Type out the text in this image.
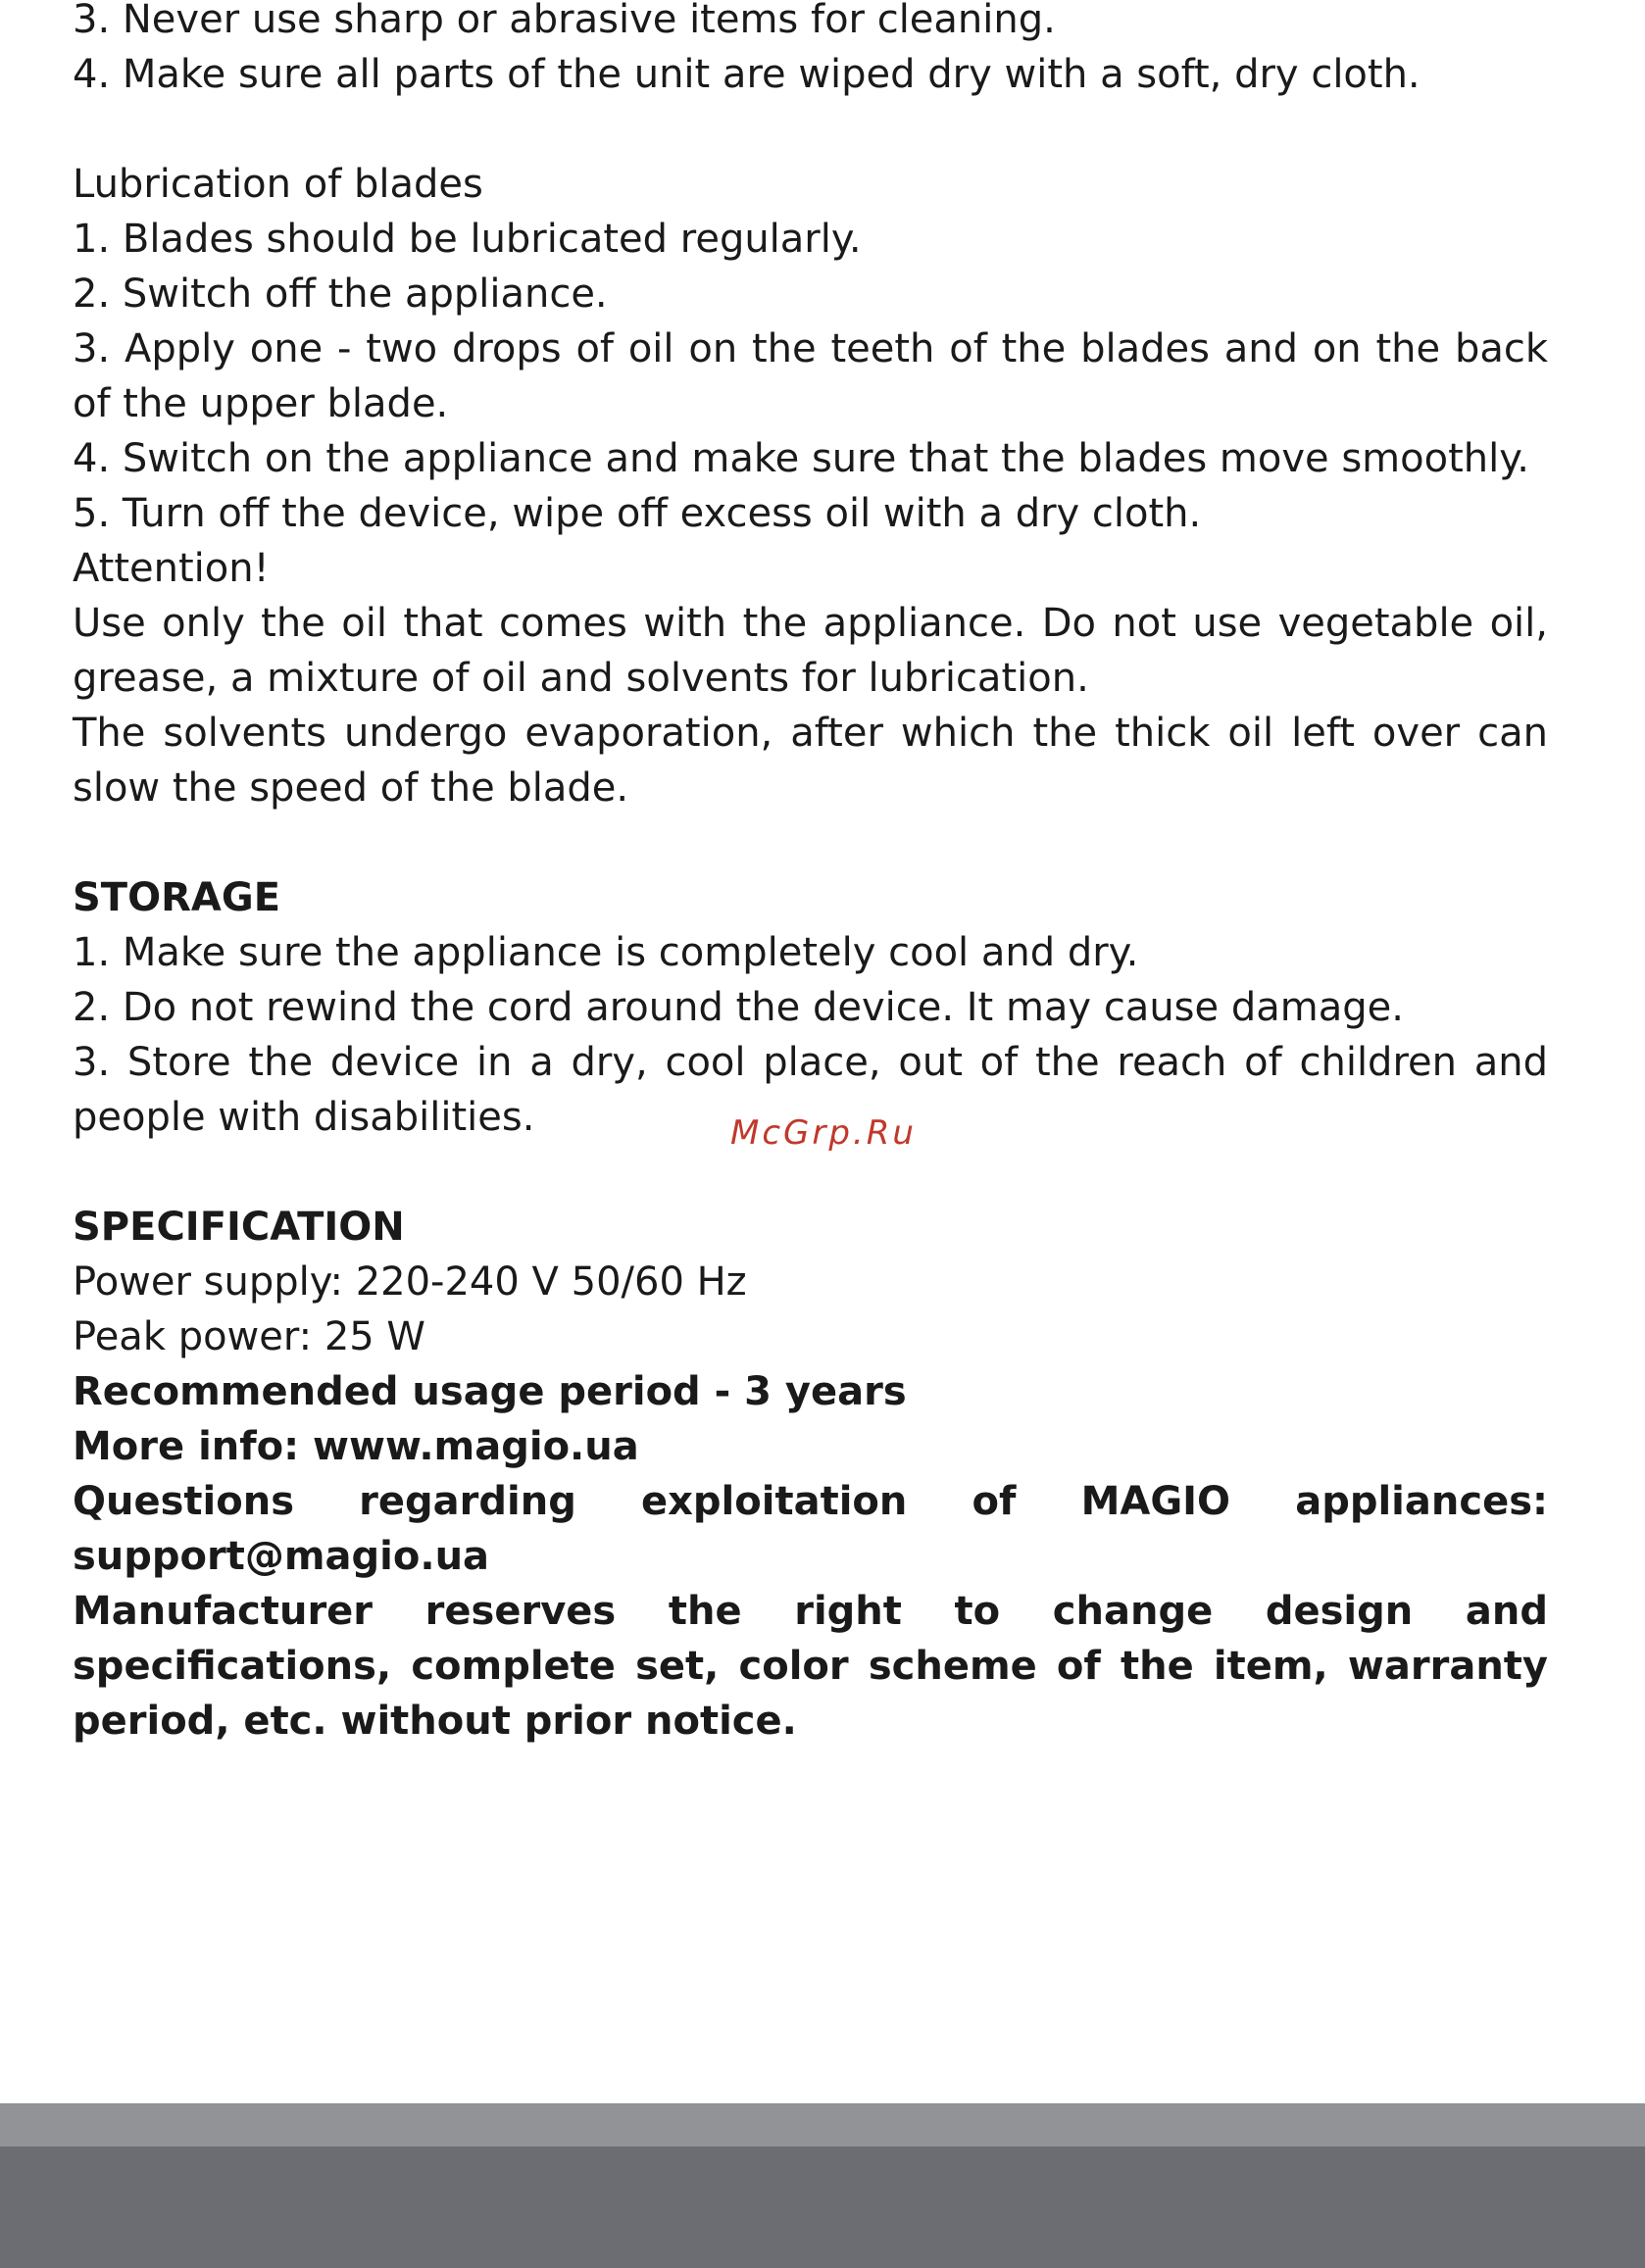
3. Never use sharp or abrasive items for cleaning.

4. Make sure all parts of the unit are wiped dry with a soft, dry cloth.

Lubrication of blades

1. Blades should be lubricated regularly.

2. Switch off the appliance.

3. Apply one - two drops of oil on the teeth of the blades and on the back of the upper blade.

4. Switch on the appliance and make sure that the blades move smoothly.

5. Turn off the device, wipe off excess oil with a dry cloth.

Attention!

Use only the oil that comes with the appliance. Do not use vegetable oil, grease, a mixture of oil and solvents for lubrication.

The solvents undergo evaporation, after which the thick oil left over can slow the speed of the blade.

STORAGE

1. Make sure the appliance is completely cool and dry.

2. Do not rewind the cord around the device. It may cause damage.

3. Store the device in a dry, cool place, out of the reach of children and people with disabilities.

SPECIFICATION

Power supply: 220-240 V 50/60 Hz

Peak power: 25 W

Recommended usage period - 3 years

More info: www.magio.ua

Questions regarding exploitation of MAGIO appliances: support@magio.ua

Manufacturer reserves the right to change design and specifications, complete set, color scheme of the item, warranty period, etc. without prior notice.

McGrp.Ru
